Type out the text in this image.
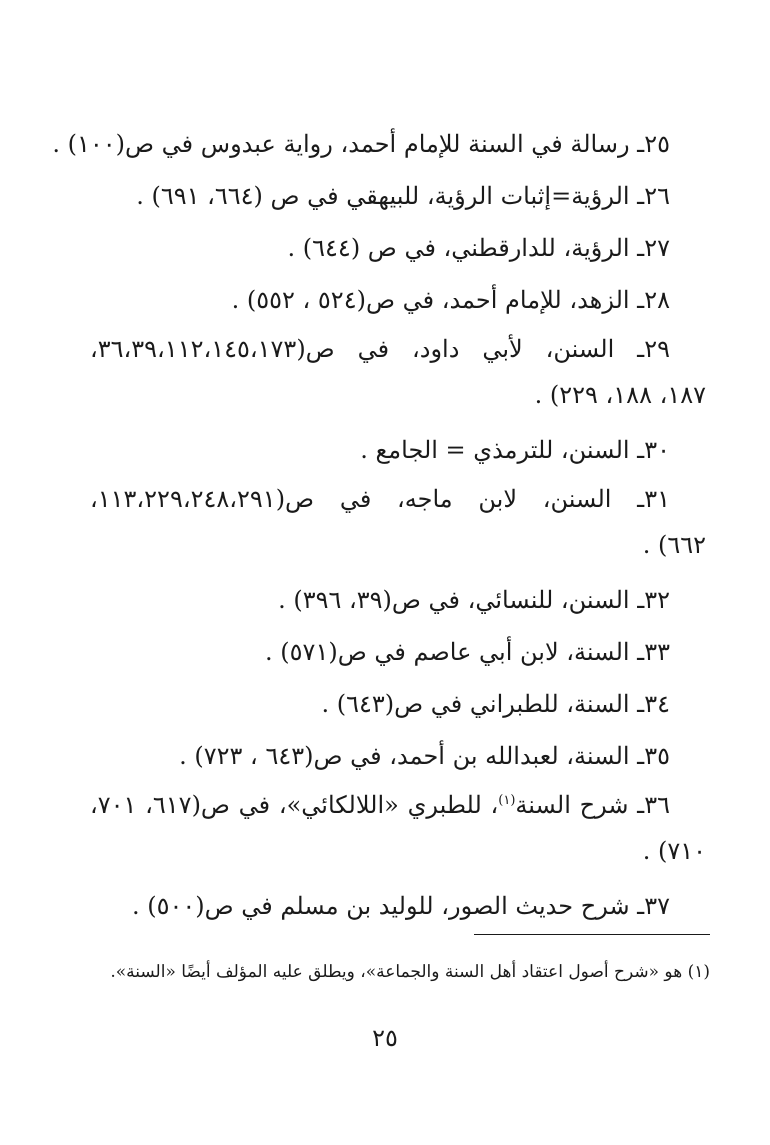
٢٥ـ رسالة في السنة للإمام أحمد، رواية عبدوس في ص(١٠٠) .

٢٦ـ الرؤية=إثبات الرؤية، للبيهقي في ص (٦٦٤، ٦٩١) .

٢٧ـ الرؤية، للدارقطني، في ص (٦٤٤) .

٢٨ـ الزهد، للإمام أحمد، في ص(٥٢٤ ، ٥٥٢) .

٢٩ـ السنن، لأبي داود، في ص(٣٦،٣٩،١١٢،١٤٥،١٧٣،
١٨٧، ١٨٨، ٢٢٩) .

٣٠ـ السنن، للترمذي = الجامع .

٣١ـ السنن، لابن ماجه، في ص(١١٣،٢٢٩،٢٤٨،٢٩١،
٦٦٢) .

٣٢ـ السنن، للنسائي، في ص(٣٩، ٣٩٦) .

٣٣ـ السنة، لابن أبي عاصم في ص(٥٧١) .

٣٤ـ السنة، للطبراني في ص(٦٤٣) .

٣٥ـ السنة، لعبدالله بن أحمد، في ص(٦٤٣ ، ٧٢٣) .

٣٦ـ شرح السنة$^{(١)}$، للطبري «اللالكائي»، في ص(٦١٧، ٧٠١،
٧١٠) .

٣٧ـ شرح حديث الصور، للوليد بن مسلم في ص(٥٠٠) .

(١) هو «شرح أصول اعتقاد أهل السنة والجماعة»، ويطلق عليه المؤلف أيضًا «السنة».
٢٥
